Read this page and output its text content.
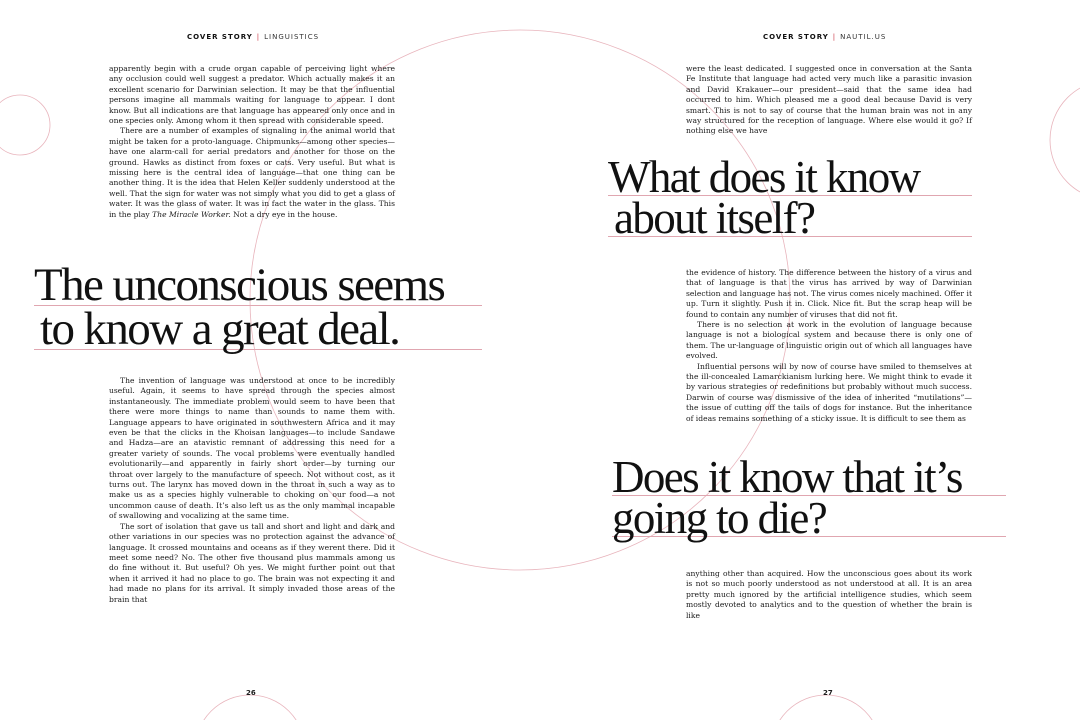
COVER STORY | LINGUISTICS

apparently begin with a crude organ capable of perceiving light where any occlusion could well suggest a predator. Which actually makes it an excellent scenario for Darwinian selection. It may be that the influential persons imagine all mammals waiting for language to appear. I dont know. But all indications are that language has appeared only once and in one species only. Among whom it then spread with considerable speed.

There are a number of examples of signaling in the animal world that might be taken for a proto-language. Chipmunks—among other species—have one alarm-call for aerial predators and another for those on the ground. Hawks as distinct from foxes or cats. Very useful. But what is missing here is the central idea of language—that one thing can be another thing. It is the idea that Helen Keller suddenly understood at the well. That the sign for water was not simply what you did to get a glass of water. It was the glass of water. It was in fact the water in the glass. This in the play The Miracle Worker. Not a dry eye in the house.

The unconscious seems
to know a great deal.

The invention of language was understood at once to be incredibly useful. Again, it seems to have spread through the species almost instantaneously. The immediate problem would seem to have been that there were more things to name than sounds to name them with. Language appears to have originated in southwestern Africa and it may even be that the clicks in the Khoisan languages—to include Sandawe and Hadza—are an atavistic remnant of addressing this need for a greater variety of sounds. The vocal problems were eventually handled evolutionarily—and apparently in fairly short order—by turning our throat over largely to the manufacture of speech. Not without cost, as it turns out. The larynx has moved down in the throat in such a way as to make us as a species highly vulnerable to choking on our food—a not uncommon cause of death. It’s also left us as the only mammal incapable of swallowing and vocalizing at the same time.

The sort of isolation that gave us tall and short and light and dark and other variations in our species was no protection against the advance of language. It crossed mountains and oceans as if they werent there. Did it meet some need? No. The other five thousand plus mammals among us do fine without it. But useful? Oh yes. We might further point out that when it arrived it had no place to go. The brain was not expecting it and had made no plans for its arrival. It simply invaded those areas of the brain that

26
COVER STORY | NAUTIL.US

were the least dedicated. I suggested once in conversation at the Santa Fe Institute that language had acted very much like a parasitic invasion and David Krakauer—our president—said that the same idea had occurred to him. Which pleased me a good deal because David is very smart. This is not to say of course that the human brain was not in any way structured for the reception of language. Where else would it go? If nothing else we have

What does it know
about itself?

the evidence of history. The difference between the history of a virus and that of language is that the virus has arrived by way of Darwinian selection and language has not. The virus comes nicely machined. Offer it up. Turn it slightly. Push it in. Click. Nice fit. But the scrap heap will be found to contain any number of viruses that did not fit.

There is no selection at work in the evolution of language because language is not a biological system and because there is only one of them. The ur-language of linguistic origin out of which all languages have evolved.

Influential persons will by now of course have smiled to themselves at the ill-concealed Lamarckianism lurking here. We might think to evade it by various strategies or redefinitions but probably without much success. Darwin of course was dismissive of the idea of inherited “mutilations”—the issue of cutting off the tails of dogs for instance. But the inheritance of ideas remains something of a sticky issue. It is difficult to see them as

Does it know that it’s
going to die?

anything other than acquired. How the unconscious goes about its work is not so much poorly understood as not understood at all. It is an area pretty much ignored by the artificial intelligence studies, which seem mostly devoted to analytics and to the question of whether the brain is like

27
